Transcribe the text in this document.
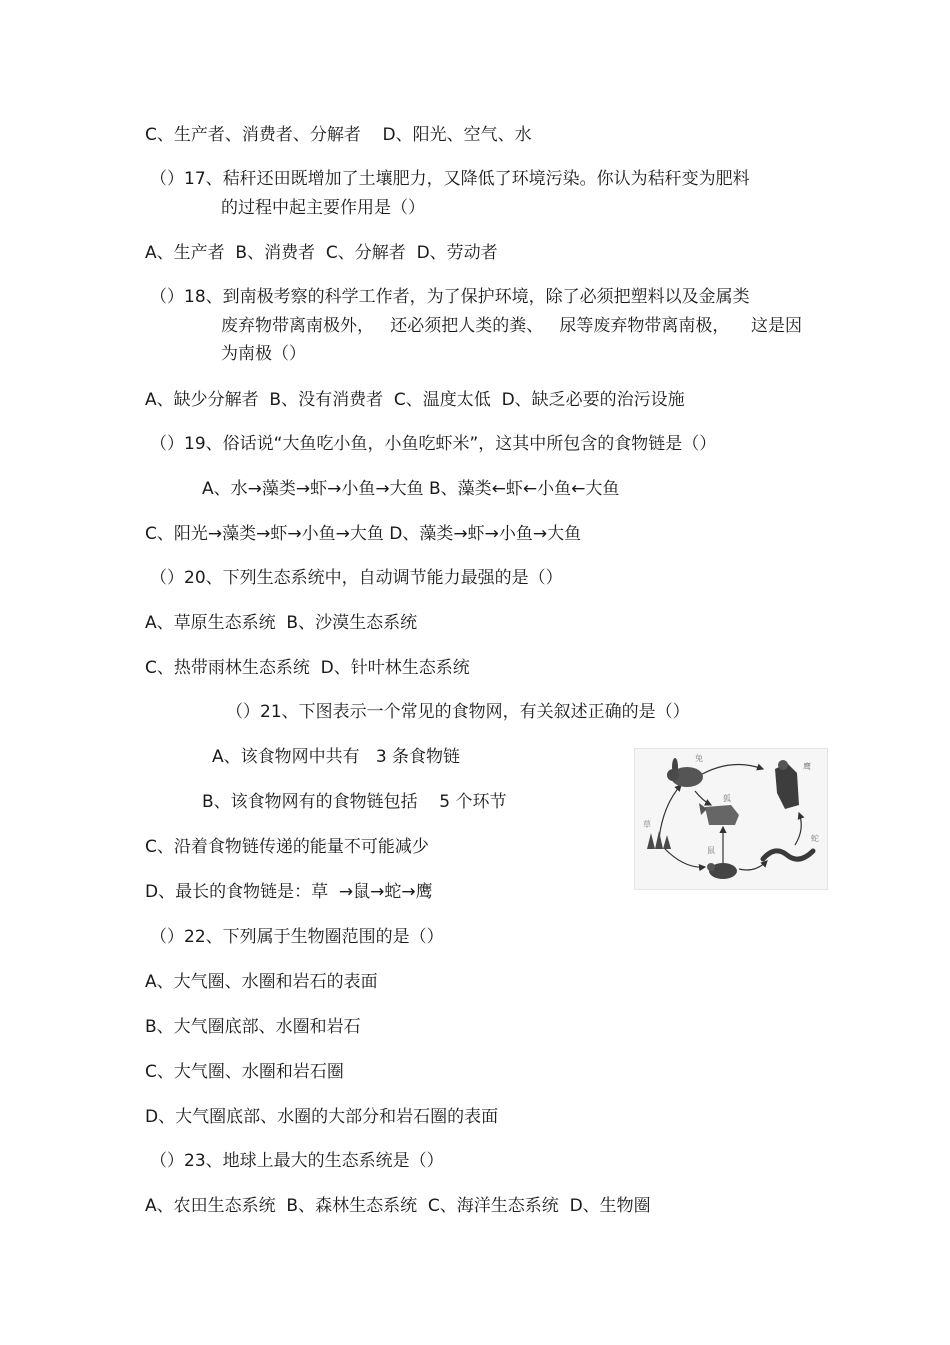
C、生产者、消费者、分解者    D、阳光、空气、水
（）17、秸秆还田既增加了土壤肥力，又降低了环境污染。你认为秸秆变为肥料
的过程中起主要作用是（）
A、生产者  B、消费者  C、分解者  D、劳动者
（）18、到南极考察的科学工作者，为了保护环境，除了必须把塑料以及金属类
废弃物带离南极外，   还必须把人类的粪、   尿等废弃物带离南极，    这是因
为南极（）
A、缺少分解者  B、没有消费者  C、温度太低  D、缺乏必要的治污设施
（）19、俗话说“大鱼吃小鱼，小鱼吃虾米”，这其中所包含的食物链是（）
A、水→藻类→虾→小鱼→大鱼 B、藻类←虾←小鱼←大鱼
C、阳光→藻类→虾→小鱼→大鱼 D、藻类→虾→小鱼→大鱼
（）20、下列生态系统中，自动调节能力最强的是（）
A、草原生态系统  B、沙漠生态系统
C、热带雨林生态系统  D、针叶林生态系统
（）21、下图表示一个常见的食物网，有关叙述正确的是（）
A、该食物网中共有   3 条食物链
B、该食物网有的食物链包括    5 个环节
C、沿着食物链传递的能量不可能减少
D、最长的食物链是：草  →鼠→蛇→鹰
（）22、下列属于生物圈范围的是（）
A、大气圈、水圈和岩石的表面
B、大气圈底部、水圈和岩石
C、大气圈、水圈和岩石圈
D、大气圈底部、水圈的大部分和岩石圈的表面
（）23、地球上最大的生态系统是（）
A、农田生态系统  B、森林生态系统  C、海洋生态系统  D、生物圈
兔
鹰
狐
草
鼠
蛇
